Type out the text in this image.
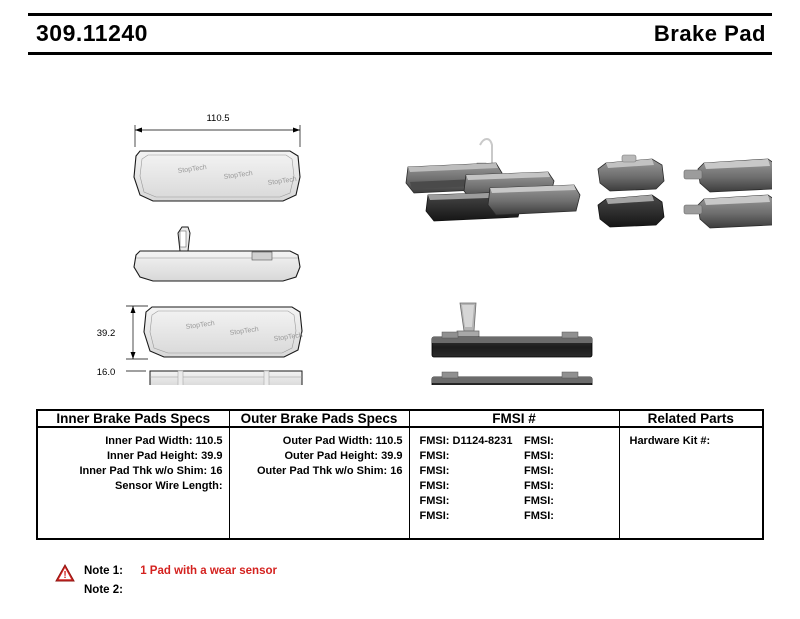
309.11240	Brake Pad
110.5
StopTech
StopTech
StopTech
39.2
StopTech
StopTech
StopTech
16.0
Inner Brake Pads Specs	Outer Brake Pads Specs	FMSI #	Related Parts

Inner Pad Width: 110.5
Inner Pad Height: 39.9
Inner Pad Thk w/o Shim: 16
Sensor Wire Length:

Outer Pad Width: 110.5
Outer Pad Height: 39.9
Outer Pad Thk w/o Shim: 16

FMSI: D1124-8231	FMSI:
FMSI:	FMSI:
FMSI:	FMSI:
FMSI:	FMSI:
FMSI:	FMSI:
FMSI:	FMSI:

Hardware Kit #:
! Note 1: 1 Pad with a wear sensor
Note 2:
